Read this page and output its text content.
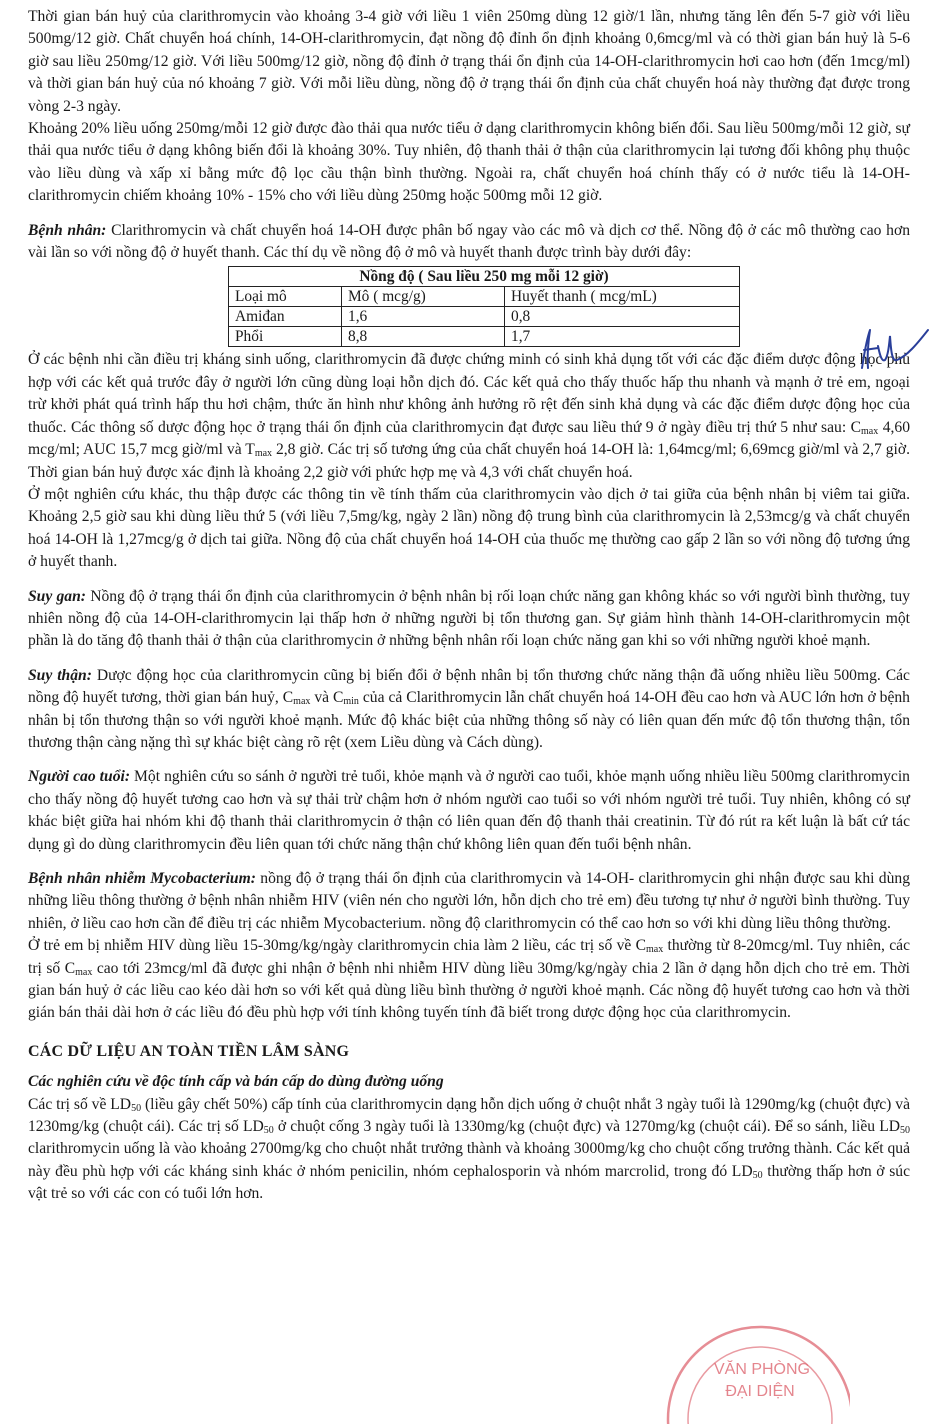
Thời gian bán huỷ của clarithromycin vào khoảng 3-4 giờ với liều 1 viên 250mg dùng 12 giờ/1 lần, nhưng tăng lên đến 5-7 giờ với liều 500mg/12 giờ. Chất chuyển hoá chính, 14-OH-clarithromycin, đạt nồng độ đỉnh ổn định khoảng 0,6mcg/ml và có thời gian bán huỷ là 5-6 giờ sau liều 250mg/12 giờ. Với liều 500mg/12 giờ, nồng độ đỉnh ở trạng thái ổn định của 14-OH-clarithromycin hơi cao hơn (đến 1mcg/ml) và thời gian bán huỷ của nó khoảng 7 giờ. Với mỗi liều dùng, nồng độ ở trạng thái ổn định của chất chuyển hoá này thường đạt được trong vòng 2-3 ngày.

Khoảng 20% liều uống 250mg/mỗi 12 giờ được đào thải qua nước tiểu ở dạng clarithromycin không biến đổi. Sau liều 500mg/mỗi 12 giờ, sự thải qua nước tiểu ở dạng không biến đổi là khoảng 30%. Tuy nhiên, độ thanh thải ở thận của clarithromycin lại tương đối không phụ thuộc vào liều dùng và xấp xỉ bằng mức độ lọc cầu thận bình thường. Ngoài ra, chất chuyển hoá chính thấy có ở nước tiểu là 14-OH- clarithromycin chiếm khoảng 10% - 15% cho với liều dùng 250mg hoặc 500mg mỗi 12 giờ.

Bệnh nhân: Clarithromycin và chất chuyển hoá 14-OH được phân bố ngay vào các mô và dịch cơ thể. Nồng độ ở các mô thường cao hơn vài lần so với nồng độ ở huyết thanh. Các thí dụ về nồng độ ở mô và huyết thanh được trình bày dưới đây:

Nồng độ ( Sau liều 250 mg mỗi 12 giờ)		
Loại mô	Mô ( mcg/g)	Huyết thanh ( mcg/mL)
Amiđan	1,6	0,8
Phổi	8,8	1,7

Ở các bệnh nhi cần điều trị kháng sinh uống, clarithromycin đã được chứng minh có sinh khả dụng tốt với các đặc điểm dược động học phù hợp với các kết quả trước đây ở người lớn cũng dùng loại hỗn dịch đó. Các kết quả cho thấy thuốc hấp thu nhanh và mạnh ở trẻ em, ngoại trừ khởi phát quá trình hấp thu hơi chậm, thức ăn hình như không ảnh hưởng rõ rệt đến sinh khả dụng và các đặc điểm dược động học của thuốc. Các thông số dược động học ở trạng thái ổn định của clarithromycin đạt được sau liều thứ 9 ở ngày điều trị thứ 5 như sau: $C_{max}$ 4,60 mcg/ml; AUC 15,7 mcg giờ/ml và $T_{max}$ 2,8 giờ. Các trị số tương ứng của chất chuyển hoá 14-OH là: 1,64mcg/ml; 6,69mcg giờ/ml và 2,7 giờ. Thời gian bán huỷ được xác định là khoảng 2,2 giờ với phức hợp mẹ và 4,3 với chất chuyển hoá.

Ở một nghiên cứu khác, thu thập được các thông tin về tính thấm của clarithromycin vào dịch ở tai giữa của bệnh nhân bị viêm tai giữa. Khoảng 2,5 giờ sau khi dùng liều thứ 5 (với liều 7,5mg/kg, ngày 2 lần) nồng độ trung bình của clarithromycin là 2,53mcg/g và chất chuyển hoá 14-OH là 1,27mcg/g ở dịch tai giữa. Nồng độ của chất chuyển hoá 14-OH của thuốc mẹ thường cao gấp 2 lần so với nồng độ tương ứng ở huyết thanh.

Suy gan: Nồng độ ở trạng thái ổn định của clarithromycin ở bệnh nhân bị rối loạn chức năng gan không khác so với người bình thường, tuy nhiên nồng độ của 14-OH-clarithromycin lại thấp hơn ở những người bị tổn thương gan. Sự giảm hình thành 14-OH-clarithromycin một phần là do tăng độ thanh thải ở thận của clarithromycin ở những bệnh nhân rối loạn chức năng gan khi so với những người khoẻ mạnh.

Suy thận: Dược động học của clarithromycin cũng bị biến đổi ở bệnh nhân bị tổn thương chức năng thận đã uống nhiều liều 500mg. Các nồng độ huyết tương, thời gian bán huỷ, $C_{max}$ và $C_{min}$ của cả Clarithromycin lẫn chất chuyển hoá 14-OH đều cao hơn và AUC lớn hơn ở bệnh nhân bị tổn thương thận so với người khoẻ mạnh. Mức độ khác biệt của những thông số này có liên quan đến mức độ tổn thương thận, tổn thương thận càng nặng thì sự khác biệt càng rõ rệt (xem Liều dùng và Cách dùng).

Người cao tuổi: Một nghiên cứu so sánh ở người trẻ tuổi, khỏe mạnh và ở người cao tuổi, khỏe mạnh uống nhiều liều 500mg clarithromycin cho thấy nồng độ huyết tương cao hơn và sự thải trừ chậm hơn ở nhóm người cao tuổi so với nhóm người trẻ tuổi. Tuy nhiên, không có sự khác biệt giữa hai nhóm khi độ thanh thải clarithromycin ở thận có liên quan đến độ thanh thải creatinin. Từ đó rút ra kết luận là bất cứ tác dụng gì do dùng clarithromycin đều liên quan tới chức năng thận chứ không liên quan đến tuổi bệnh nhân.

Bệnh nhân nhiễm Mycobacterium: nồng độ ở trạng thái ổn định của clarithromycin và 14-OH- clarithromycin ghi nhận được sau khi dùng những liều thông thường ở bệnh nhân nhiễm HIV (viên nén cho người lớn, hỗn dịch cho trẻ em) đều tương tự như ở người bình thường. Tuy nhiên, ở liều cao hơn cần để điều trị các nhiễm Mycobacterium. nồng độ clarithromycin có thể cao hơn so với khi dùng liều thông thường.

Ở trẻ em bị nhiễm HIV dùng liều 15-30mg/kg/ngày clarithromycin chia làm 2 liều, các trị số về $C_{max}$ thường từ 8-20mcg/ml. Tuy nhiên, các trị số $C_{max}$ cao tới 23mcg/ml đã được ghi nhận ở bệnh nhi nhiễm HIV dùng liều 30mg/kg/ngày chia 2 lần ở dạng hỗn dịch cho trẻ em. Thời gian bán huỷ ở các liều cao kéo dài hơn so với kết quả dùng liều bình thường ở người khoẻ mạnh. Các nồng độ huyết tương cao hơn và thời gián bán thải dài hơn ở các liều đó đều phù hợp với tính không tuyến tính đã biết trong dược động học của clarithromycin.

CÁC DỮ LIỆU AN TOÀN TIỀN LÂM SÀNG
Các nghiên cứu về độc tính cấp và bán cấp do dùng đường uống

Các trị số về $LD_{50}$ (liều gây chết 50%) cấp tính của clarithromycin dạng hỗn dịch uống ở chuột nhắt 3 ngày tuổi là 1290mg/kg (chuột đực) và 1230mg/kg (chuột cái). Các trị số $LD_{50}$ ở chuột cống 3 ngày tuổi là 1330mg/kg (chuột đực) và 1270mg/kg (chuột cái). Để so sánh, liều $LD_{50}$ clarithromycin uống là vào khoảng 2700mg/kg cho chuột nhắt trưởng thành và khoảng 3000mg/kg cho chuột cống trưởng thành. Các kết quả này đều phù hợp với các kháng sinh khác ở nhóm penicilin, nhóm cephalosporin và nhóm marcrolid, trong đó $LD_{50}$ thường thấp hơn ở súc vật trẻ so với các con có tuổi lớn hơn.

VĂN PHÒNG
ĐẠI DIỆN
